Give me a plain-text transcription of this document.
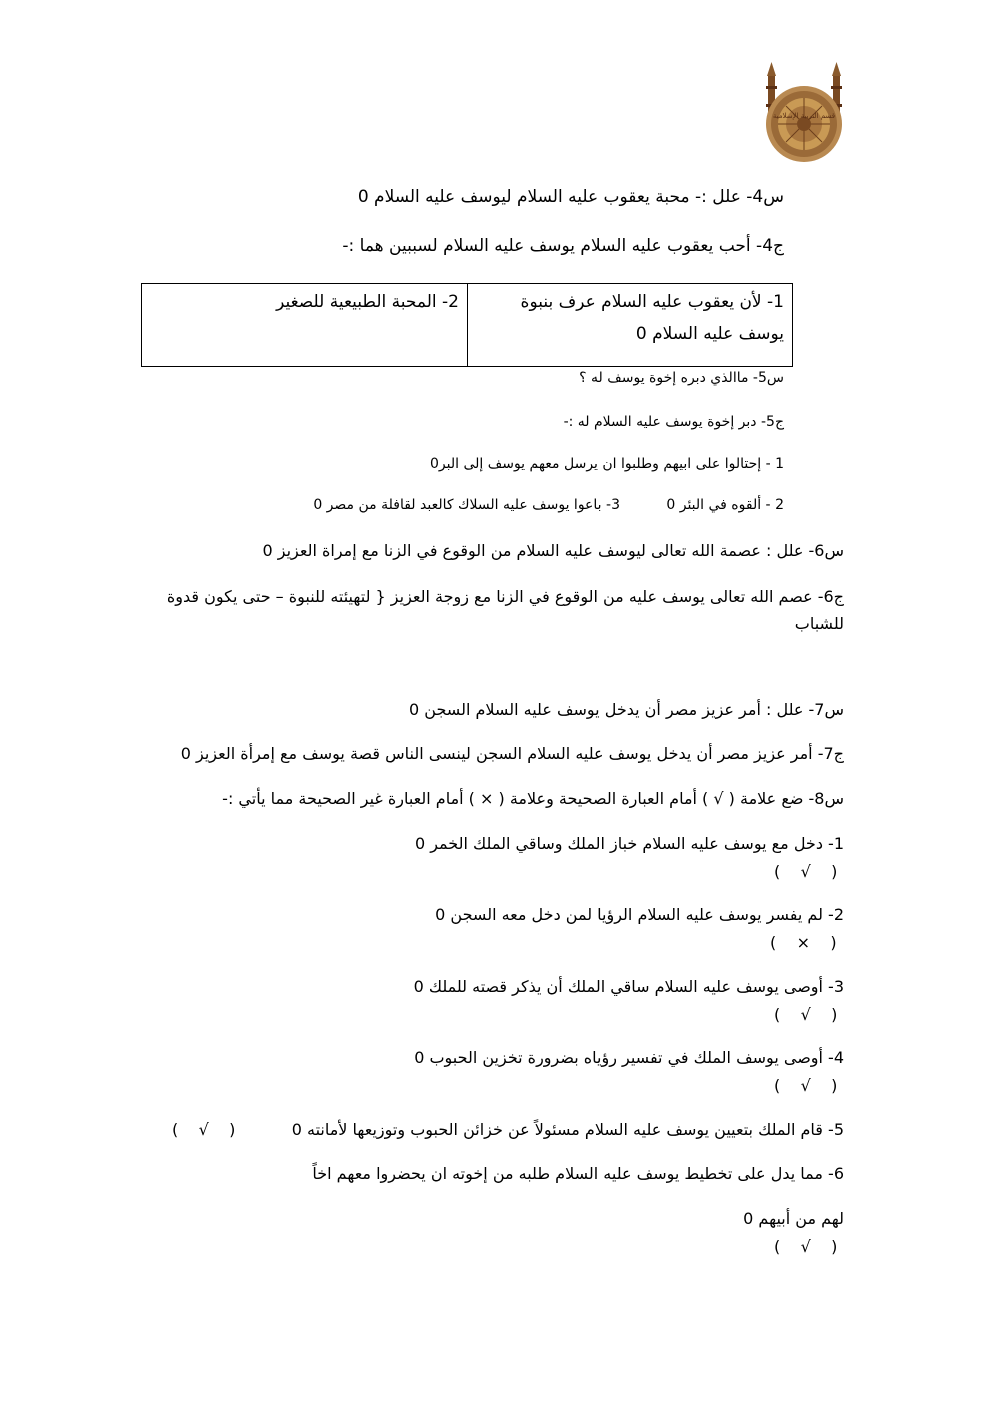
قسم التربية الإسلامية
س4- علل :- محبة يعقوب عليه السلام ليوسف عليه السلام 0
ج4- أحب يعقوب عليه السلام يوسف عليه السلام لسببين هما :-
1- لأن يعقوب عليه السلام عرف بنبوة يوسف عليه السلام 0	2- المحبة الطبيعية للصغير
س5- ماالذي دبره إخوة يوسف له ؟
ج5- دبر إخوة يوسف عليه السلام له :-
1 - إحتالوا على ابيهم وطلبوا ان يرسل معهم يوسف إلى البر0
2 - ألقوه في البئر 0
3- باعوا يوسف عليه السلاك كالعبد لقافلة من مصر 0
س6- علل : عصمة الله تعالى ليوسف عليه السلام من الوقوع في الزنا مع إمراة العزيز 0
ج6- عصم الله تعالى يوسف عليه من الوقوع في الزنا مع زوجة العزيز { لتهيئته للنبوة – حتى يكون قدوة للشباب
س7- علل : أمر عزيز مصر أن يدخل يوسف عليه السلام السجن 0
ج7- أمر عزيز مصر أن يدخل يوسف عليه السلام السجن لينسى الناس قصة يوسف مع إمرأة العزيز 0
س8- ضع علامة ( √ ) أمام العبارة الصحيحة وعلامة ( × ) أمام العبارة غير الصحيحة مما يأتي :-
1- دخل مع يوسف عليه السلام خباز الملك وساقي الملك الخمر 0
(    √    )
2- لم يفسر يوسف عليه السلام الرؤيا لمن دخل معه السجن 0
(    ×    )
3- أوصى يوسف عليه السلام ساقي الملك أن يذكر قصته للملك 0
(    √    )
4- أوصى يوسف الملك في تفسير رؤياه بضرورة تخزين الحبوب 0
(    √    )
5- قام الملك بتعيين يوسف عليه السلام مسئولاً عن خزائن الحبوب وتوزيعها لأمانته 0
(    √    )
6- مما يدل على تخطيط يوسف عليه السلام طلبه من إخوته ان يحضروا معهم اخاً
لهم من أبيهم 0
(    √    )
